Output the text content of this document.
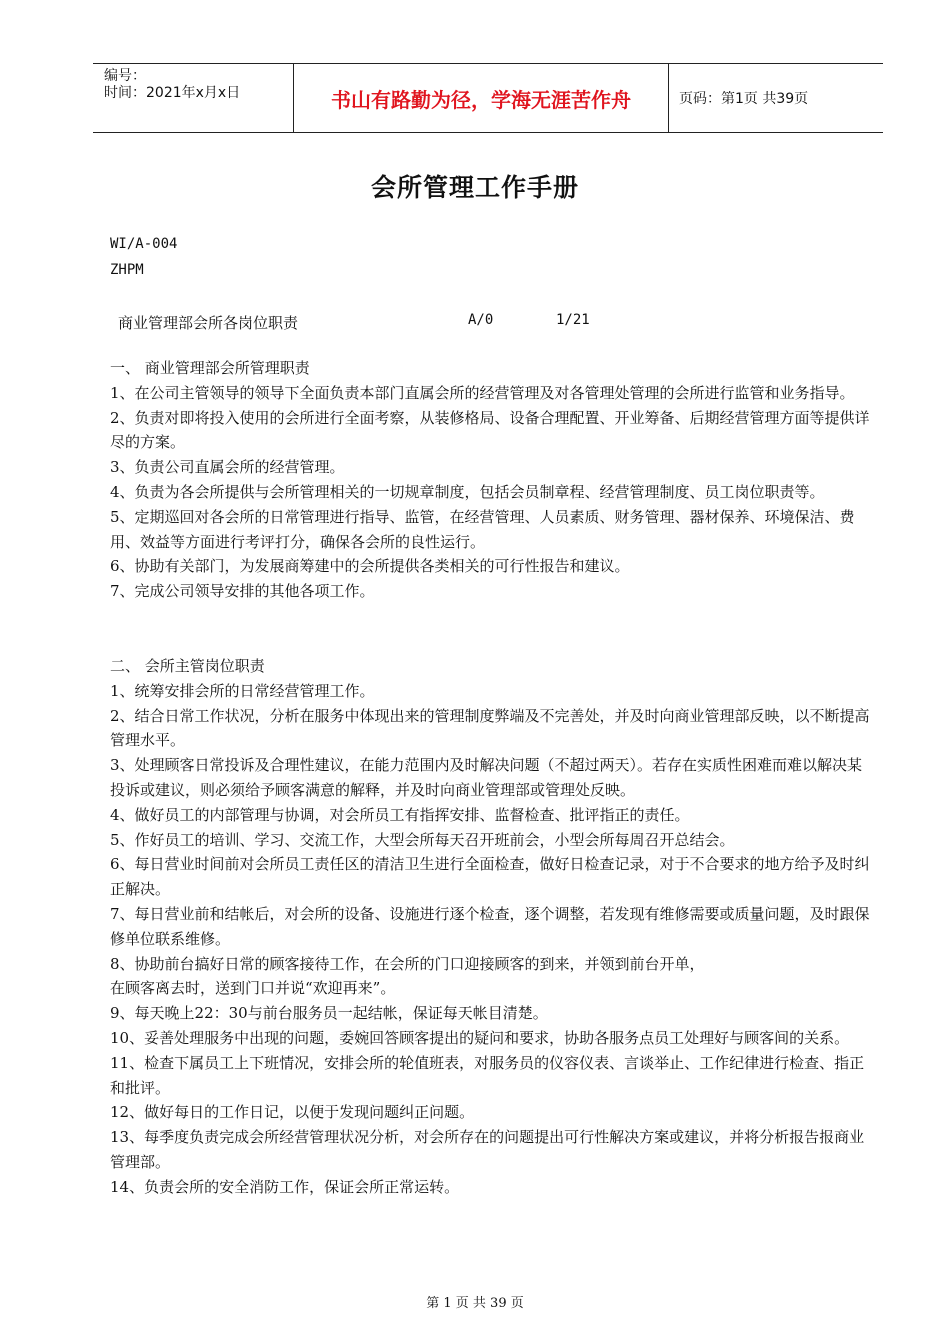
编号：
时间：2021年x月x日	书山有路勤为径，学海无涯苦作舟	页码：第1页 共39页
会所管理工作手册
WI/A-004
ZHPM
商业管理部会所各岗位职责	A/0	1/21

一、 商业管理部会所管理职责

1、在公司主管领导的领导下全面负责本部门直属会所的经营管理及对各管理处管理的会所进行监管和业务指导。

2、负责对即将投入使用的会所进行全面考察，从装修格局、设备合理配置、开业筹备、后期经营管理方面等提供详尽的方案。

3、负责公司直属会所的经营管理。

4、负责为各会所提供与会所管理相关的一切规章制度，包括会员制章程、经营管理制度、员工岗位职责等。

5、定期巡回对各会所的日常管理进行指导、监管，在经营管理、人员素质、财务管理、器材保养、环境保洁、费用、效益等方面进行考评打分，确保各会所的良性运行。

6、协助有关部门，为发展商筹建中的会所提供各类相关的可行性报告和建议。

7、完成公司领导安排的其他各项工作。

二、 会所主管岗位职责

1、统筹安排会所的日常经营管理工作。

2、结合日常工作状况，分析在服务中体现出来的管理制度弊端及不完善处，并及时向商业管理部反映，以不断提高管理水平。

3、处理顾客日常投诉及合理性建议，在能力范围内及时解决问题（不超过两天）。若存在实质性困难而难以解决某投诉或建议，则必须给予顾客满意的解释，并及时向商业管理部或管理处反映。

4、做好员工的内部管理与协调，对会所员工有指挥安排、监督检查、批评指正的责任。

5、作好员工的培训、学习、交流工作，大型会所每天召开班前会，小型会所每周召开总结会。

6、每日营业时间前对会所员工责任区的清洁卫生进行全面检查，做好日检查记录，对于不合要求的地方给予及时纠正解决。

7、每日营业前和结帐后，对会所的设备、设施进行逐个检查，逐个调整，若发现有维修需要或质量问题，及时跟保修单位联系维修。

8、协助前台搞好日常的顾客接待工作，在会所的门口迎接顾客的到来，并领到前台开单，

在顾客离去时，送到门口并说“欢迎再来”。

9、每天晚上22：30与前台服务员一起结帐，保证每天帐目清楚。

10、妥善处理服务中出现的问题，委婉回答顾客提出的疑问和要求，协助各服务点员工处理好与顾客间的关系。

11、检查下属员工上下班情况，安排会所的轮值班表，对服务员的仪容仪表、言谈举止、工作纪律进行检查、指正和批评。

12、做好每日的工作日记，以便于发现问题纠正问题。

13、每季度负责完成会所经营管理状况分析，对会所存在的问题提出可行性解决方案或建议，并将分析报告报商业管理部。

14、负责会所的安全消防工作，保证会所正常运转。

第 1 页 共 39 页
